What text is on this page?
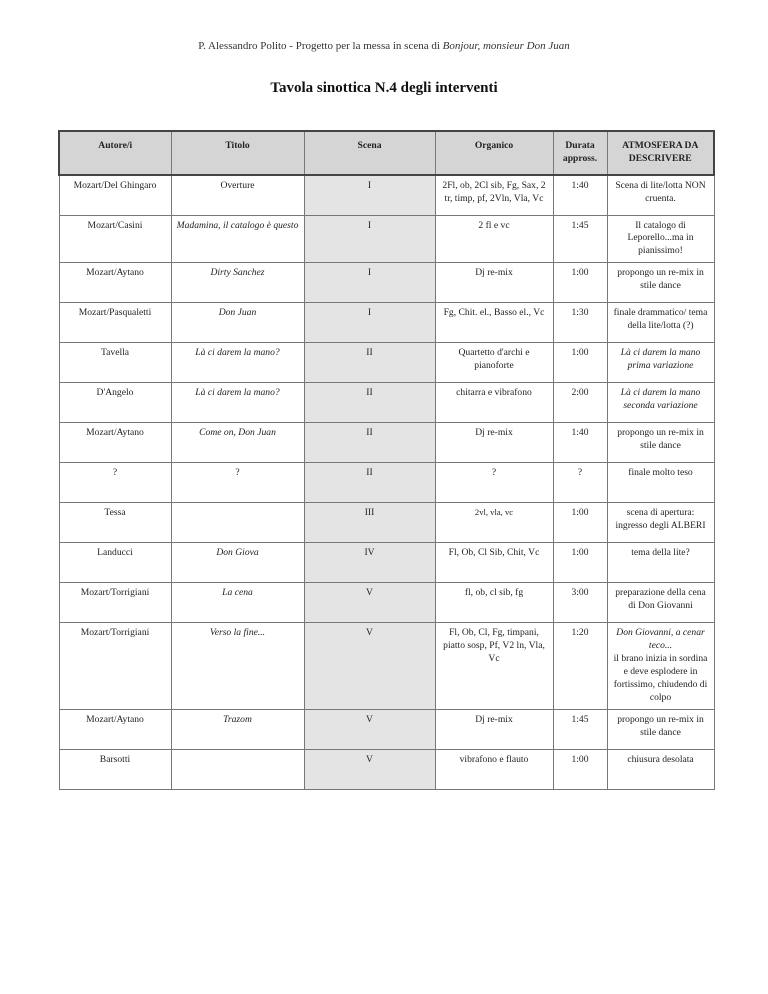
P. Alessandro Polito - Progetto per la messa in scena di Bonjour, monsieur Don Juan
Tavola sinottica N.4 degli interventi
Autore/i	Titolo	Scena	Organico	Durata appross.	ATMOSFERA DA DESCRIVERE
Mozart/Del Ghingaro	Overture	I	2Fl, ob, 2Cl sib, Fg, Sax, 2 tr, timp, pf, 2Vln, Vla, Vc	1:40	Scena di lite/lotta NON cruenta.
Mozart/Casini	Madamina, il catalogo è questo	I	2 fl e vc	1:45	Il catalogo di Leporello...ma in pianissimo!
Mozart/Aytano	Dirty Sanchez	I	Dj re-mix	1:00	propongo un re-mix in stile dance
Mozart/Pasqualetti	Don Juan	I	Fg, Chit. el., Basso el., Vc	1:30	finale drammatico/ tema della lite/lotta (?)
Tavella	Là ci darem la mano?	II	Quartetto d'archi e pianoforte	1:00	Là ci darem la mano prima variazione
D'Angelo	Là ci darem la mano?	II	chitarra e vibrafono	2:00	Là ci darem la mano seconda variazione
Mozart/Aytano	Come on, Don Juan	II	Dj re-mix	1:40	propongo un re-mix in stile dance
?	?	II	?	?	finale molto teso
Tessa		III	2vl, vla, vc	1:00	scena di apertura: ingresso degli ALBERI
Landucci	Don Giova	IV	Fl, Ob, Cl Sib, Chit, Vc	1:00	tema della lite?
Mozart/Torrigiani	La cena	V	fl, ob, cl sib, fg	3:00	preparazione della cena di Don Giovanni
Mozart/Torrigiani	Verso la fine...	V	Fl, Ob, Cl, Fg, timpani, piatto sosp, Pf, V2 ln, Vla, Vc	1:20	Don Giovanni, a cenar teco...
il brano inizia in sordina e deve esplodere in fortissimo, chiudendo di colpo
Mozart/Aytano	Trazom	V	Dj re-mix	1:45	propongo un re-mix in stile dance
Barsotti		V	vibrafono e flauto	1:00	chiusura desolata
